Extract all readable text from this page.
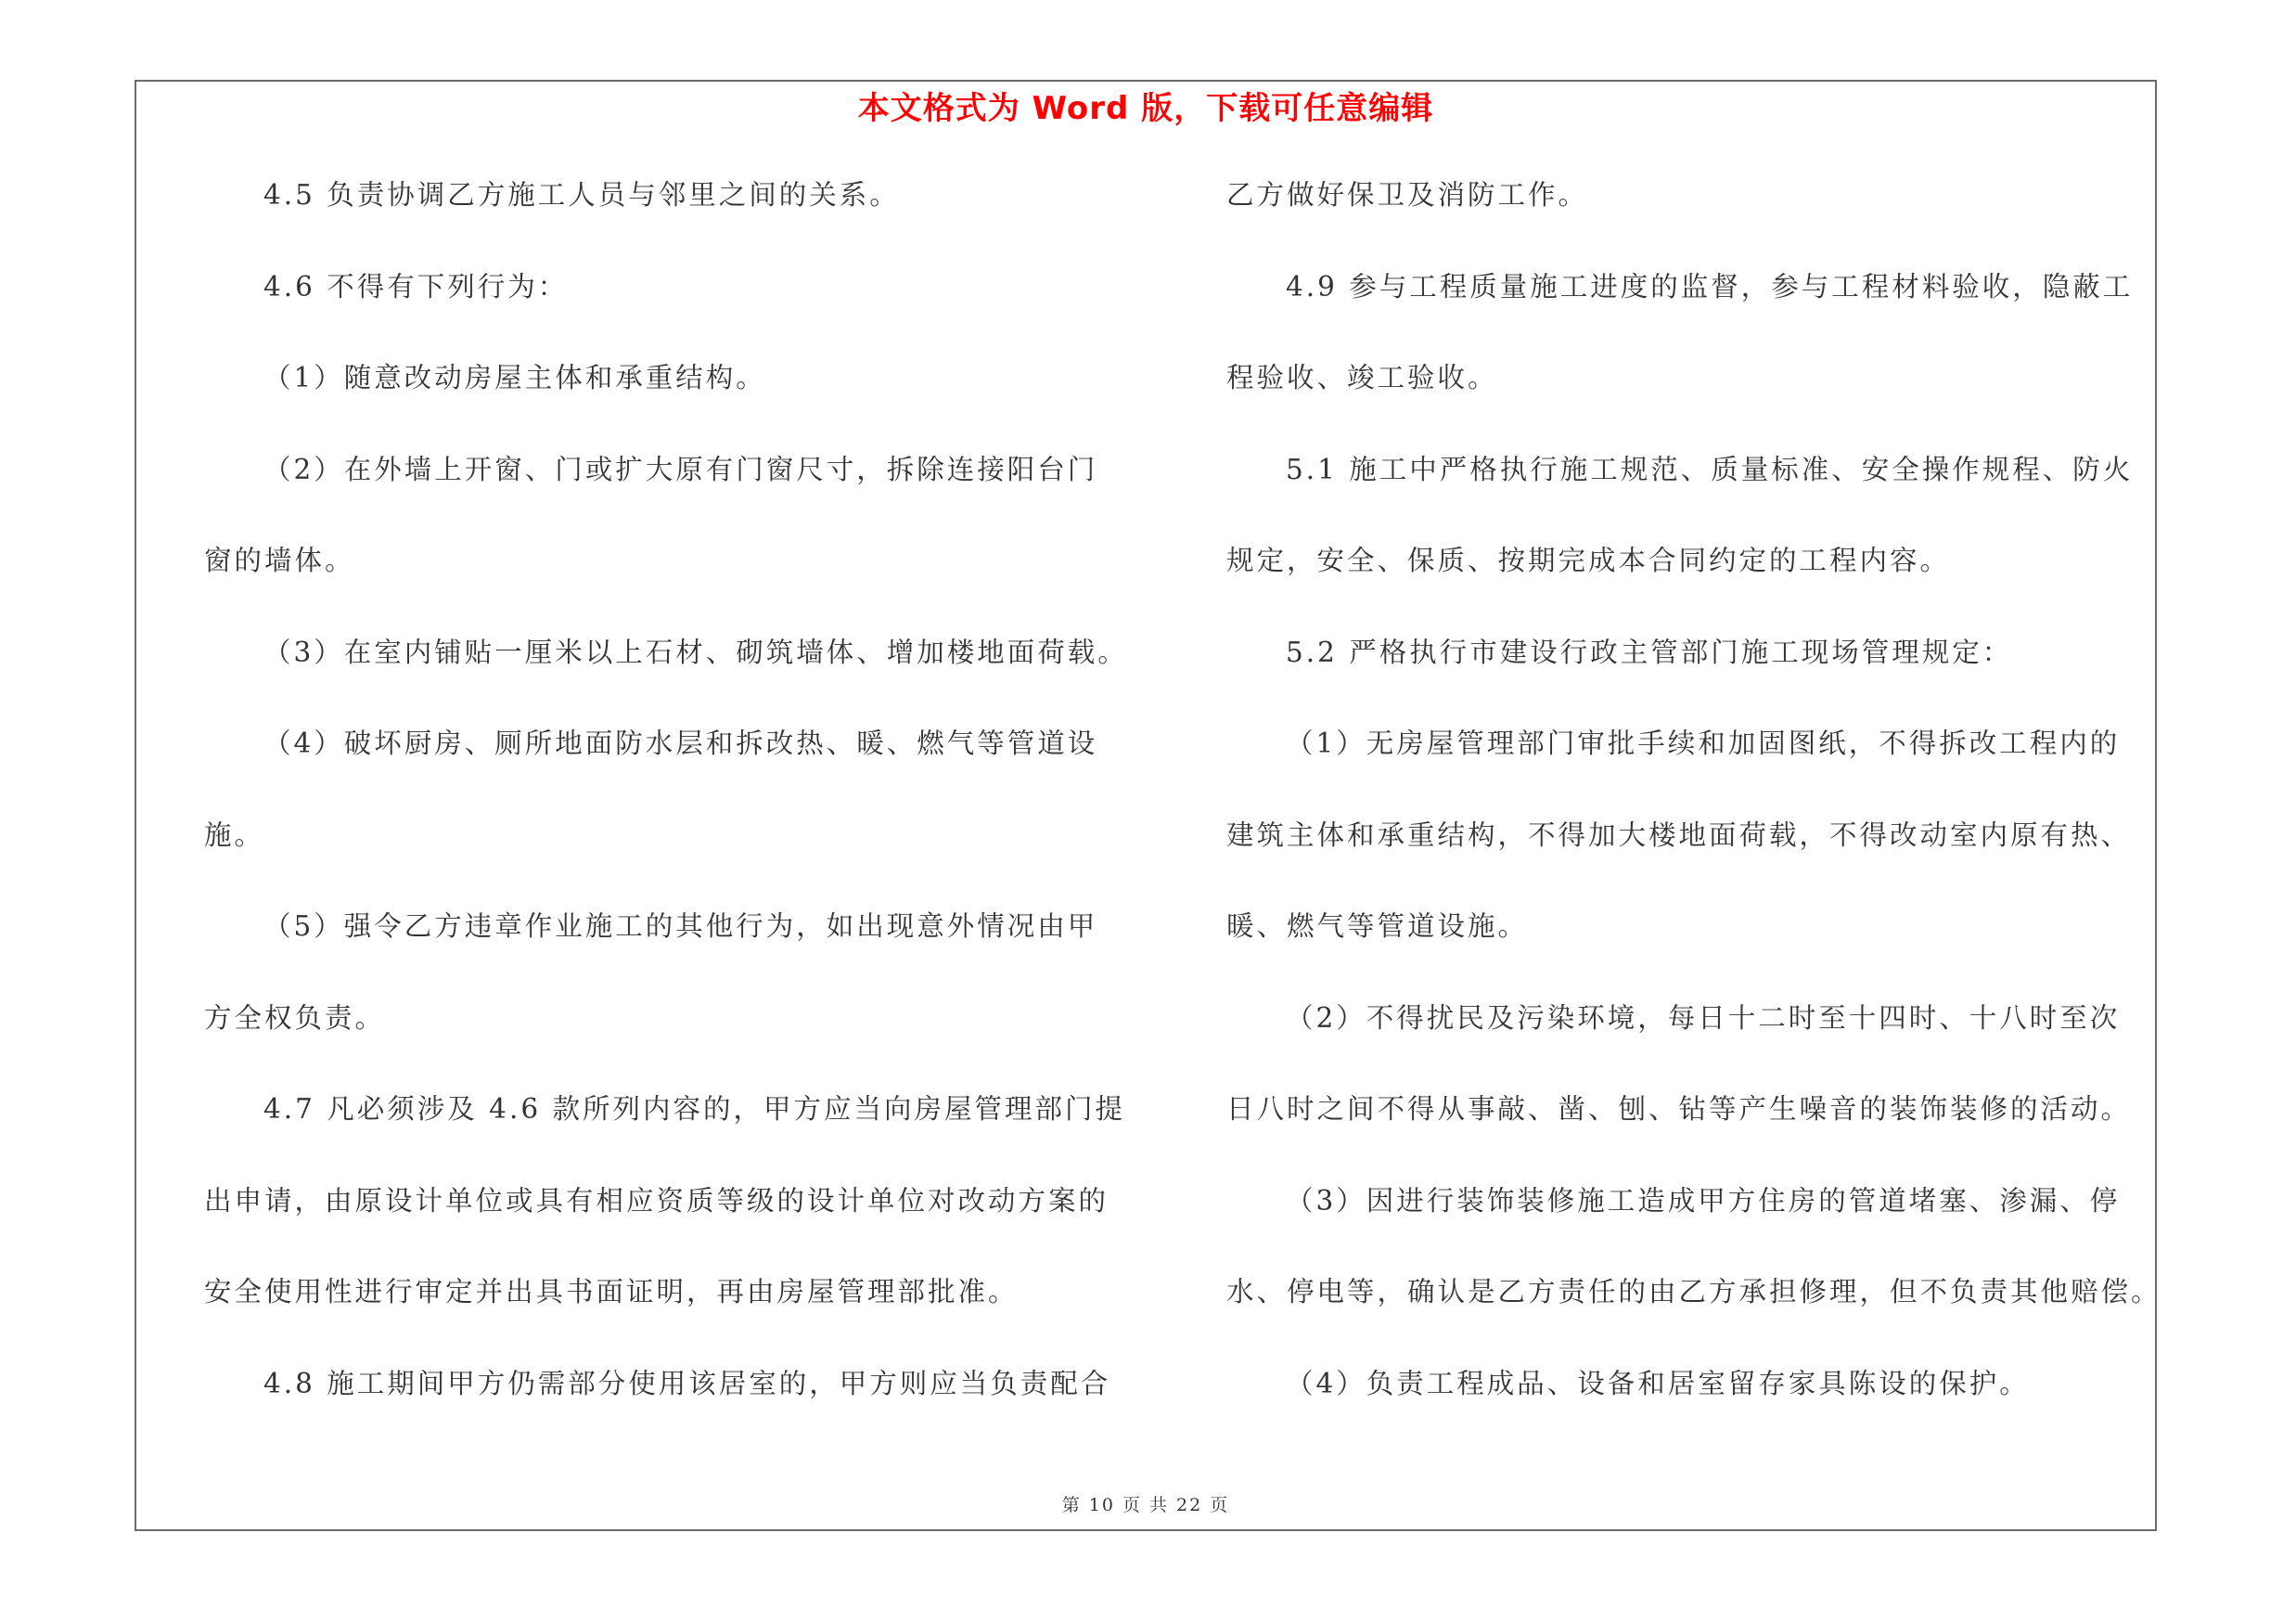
本文格式为 Word 版，下载可任意编辑
4.5 负责协调乙方施工人员与邻里之间的关系。
4.6 不得有下列行为：
（1）随意改动房屋主体和承重结构。
（2）在外墙上开窗、门或扩大原有门窗尺寸，拆除连接阳台门
窗的墙体。
（3）在室内铺贴一厘米以上石材、砌筑墙体、增加楼地面荷载。
（4）破坏厨房、厕所地面防水层和拆改热、暖、燃气等管道设
施。
（5）强令乙方违章作业施工的其他行为，如出现意外情况由甲
方全权负责。
4.7 凡必须涉及 4.6 款所列内容的，甲方应当向房屋管理部门提
出申请，由原设计单位或具有相应资质等级的设计单位对改动方案的
安全使用性进行审定并出具书面证明，再由房屋管理部批准。
4.8 施工期间甲方仍需部分使用该居室的，甲方则应当负责配合
乙方做好保卫及消防工作。
4.9 参与工程质量施工进度的监督，参与工程材料验收，隐蔽工
程验收、竣工验收。
5.1 施工中严格执行施工规范、质量标准、安全操作规程、防火
规定，安全、保质、按期完成本合同约定的工程内容。
5.2 严格执行市建设行政主管部门施工现场管理规定：
（1）无房屋管理部门审批手续和加固图纸，不得拆改工程内的
建筑主体和承重结构，不得加大楼地面荷载，不得改动室内原有热、
暖、燃气等管道设施。
（2）不得扰民及污染环境，每日十二时至十四时、十八时至次
日八时之间不得从事敲、凿、刨、钻等产生噪音的装饰装修的活动。
（3）因进行装饰装修施工造成甲方住房的管道堵塞、渗漏、停
水、停电等，确认是乙方责任的由乙方承担修理，但不负责其他赔偿。
（4）负责工程成品、设备和居室留存家具陈设的保护。
第 10 页 共 22 页
